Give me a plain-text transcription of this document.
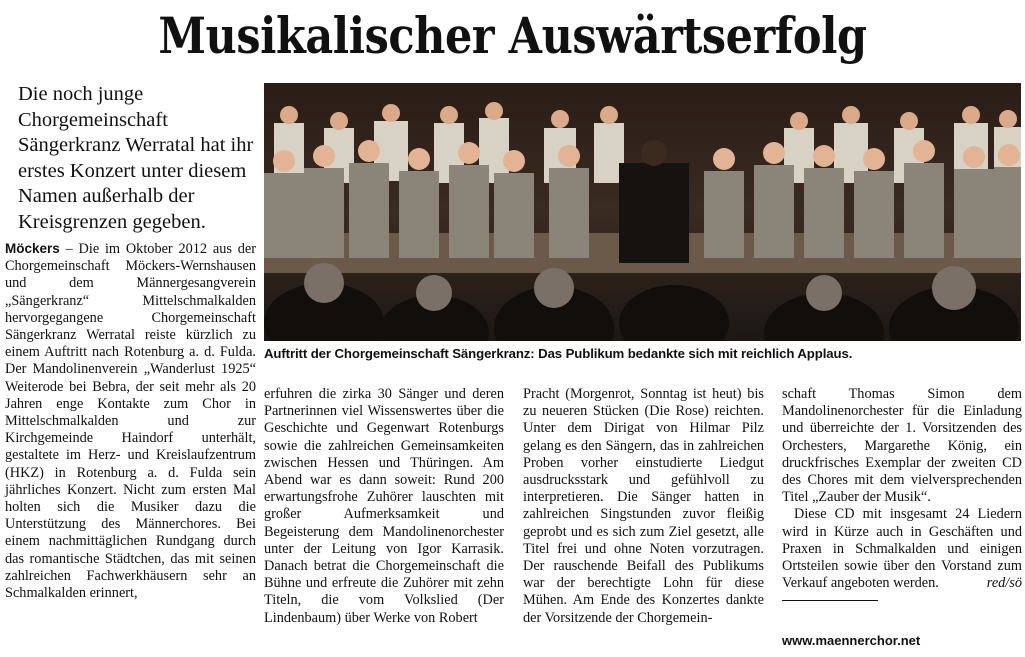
Musikalischer Auswärtserfolg
Die noch junge Chorgemeinschaft Sängerkranz Werratal hat ihr erstes Konzert unter diesem Namen außerhalb der Kreisgrenzen gegeben.
Auftritt der Chorgemeinschaft Sängerkranz: Das Publikum bedankte sich mit reichlich Applaus.

Möckers – Die im Oktober 2012 aus der Chorgemeinschaft Möckers-Wernshausen und dem Männergesangverein „Sängerkranz“ Mittelschmalkalden hervorgegangene Chorgemeinschaft Sängerkranz Werratal reiste kürzlich zu einem Auftritt nach Rotenburg a. d. Fulda. Der Mandolinenverein „Wanderlust 1925“ Weiterode bei Bebra, der seit mehr als 20 Jahren enge Kontakte zum Chor in Mittelschmalkalden und zur Kirchgemeinde Haindorf unterhält, gestaltete im Herz- und Kreislaufzentrum (HKZ) in Rotenburg a. d. Fulda sein jährliches Konzert. Nicht zum ersten Mal holten sich die Musiker dazu die Unterstützung des Männerchores. Bei einem nachmittäglichen Rundgang durch das romantische Städtchen, das mit seinen zahlreichen Fachwerkhäusern sehr an Schmalkalden erinnert,

erfuhren die zirka 30 Sänger und deren Partnerinnen viel Wissenswertes über die Geschichte und Gegenwart Rotenburgs sowie die zahlreichen Gemeinsamkeiten zwischen Hessen und Thüringen. Am Abend war es dann soweit: Rund 200 erwartungsfrohe Zuhörer lauschten mit großer Aufmerksamkeit und Begeisterung dem Mandolinenorchester unter der Leitung von Igor Karrasik. Danach betrat die Chorgemeinschaft die Bühne und erfreute die Zuhörer mit zehn Titeln, die vom Volkslied (Der Lindenbaum) über Werke von Robert

Pracht (Morgenrot, Sonntag ist heut) bis zu neueren Stücken (Die Rose) reichten. Unter dem Dirigat von Hilmar Pilz gelang es den Sängern, das in zahlreichen Proben vorher einstudierte Liedgut ausdrucksstark und gefühlvoll zu interpretieren. Die Sänger hatten in zahlreichen Singstunden zuvor fleißig geprobt und es sich zum Ziel gesetzt, alle Titel frei und ohne Noten vorzutragen. Der rauschende Beifall des Publikums war der berechtigte Lohn für diese Mühen. Am Ende des Konzertes dankte der Vorsitzende der Chorgemein-

schaft Thomas Simon dem Mandolinenorchester für die Einladung und überreichte der 1. Vorsitzenden des Orchesters, Margarethe König, ein druckfrisches Exemplar der zweiten CD des Chores mit dem vielversprechenden Titel „Zauber der Musik“.

Diese CD mit insgesamt 24 Liedern wird in Kürze auch in Geschäften und Praxen in Schmalkalden und einigen Ortsteilen sowie über den Vorstand zum Verkauf angeboten werden.	red/sö

www.maennerchor.net
